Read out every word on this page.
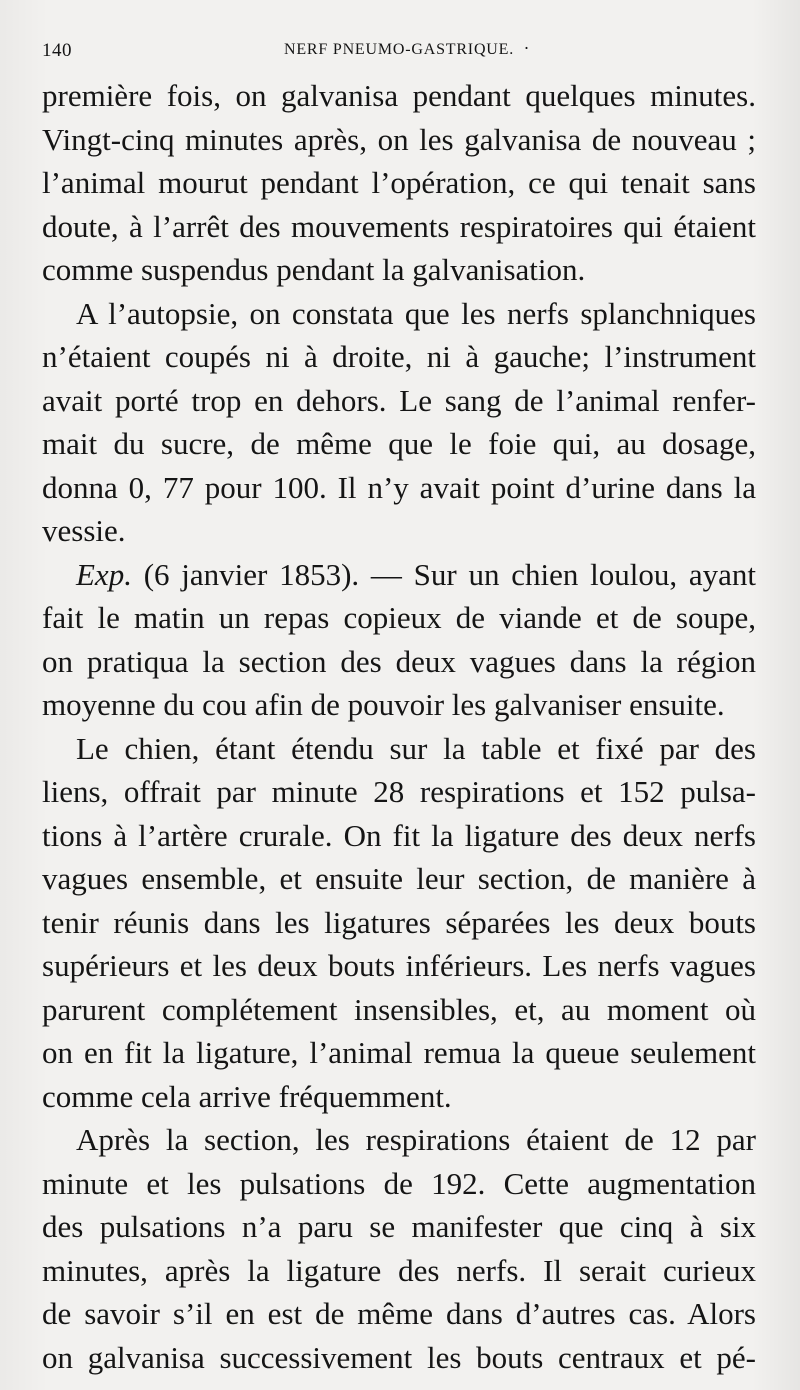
140	NERF PNEUMO-GASTRIQUE. ·
première fois, on galvanisa pendant quelques minutes.
Vingt-cinq minutes après, on les galvanisa de nouveau ;
l’animal mourut pendant l’opération, ce qui tenait sans
doute, à l’arrêt des mouvements respiratoires qui étaient
comme suspendus pendant la galvanisation.
A l’autopsie, on constata que les nerfs splanchniques
n’étaient coupés ni à droite, ni à gauche; l’instrument
avait porté trop en dehors. Le sang de l’animal renfer-
mait du sucre, de même que le foie qui, au dosage,
donna 0, 77 pour 100. Il n’y avait point d’urine dans la
vessie.
Exp. (6 janvier 1853). — Sur un chien loulou, ayant
fait le matin un repas copieux de viande et de soupe,
on pratiqua la section des deux vagues dans la région
moyenne du cou afin de pouvoir les galvaniser ensuite.
Le chien, étant étendu sur la table et fixé par des
liens, offrait par minute 28 respirations et 152 pulsa-
tions à l’artère crurale. On fit la ligature des deux nerfs
vagues ensemble, et ensuite leur section, de manière à
tenir réunis dans les ligatures séparées les deux bouts
supérieurs et les deux bouts inférieurs. Les nerfs vagues
parurent complétement insensibles, et, au moment où
on en fit la ligature, l’animal remua la queue seulement
comme cela arrive fréquemment.
Après la section, les respirations étaient de 12 par
minute et les pulsations de 192. Cette augmentation
des pulsations n’a paru se manifester que cinq à six
minutes, après la ligature des nerfs. Il serait curieux
de savoir s’il en est de même dans d’autres cas. Alors
on galvanisa successivement les bouts centraux et pé-
